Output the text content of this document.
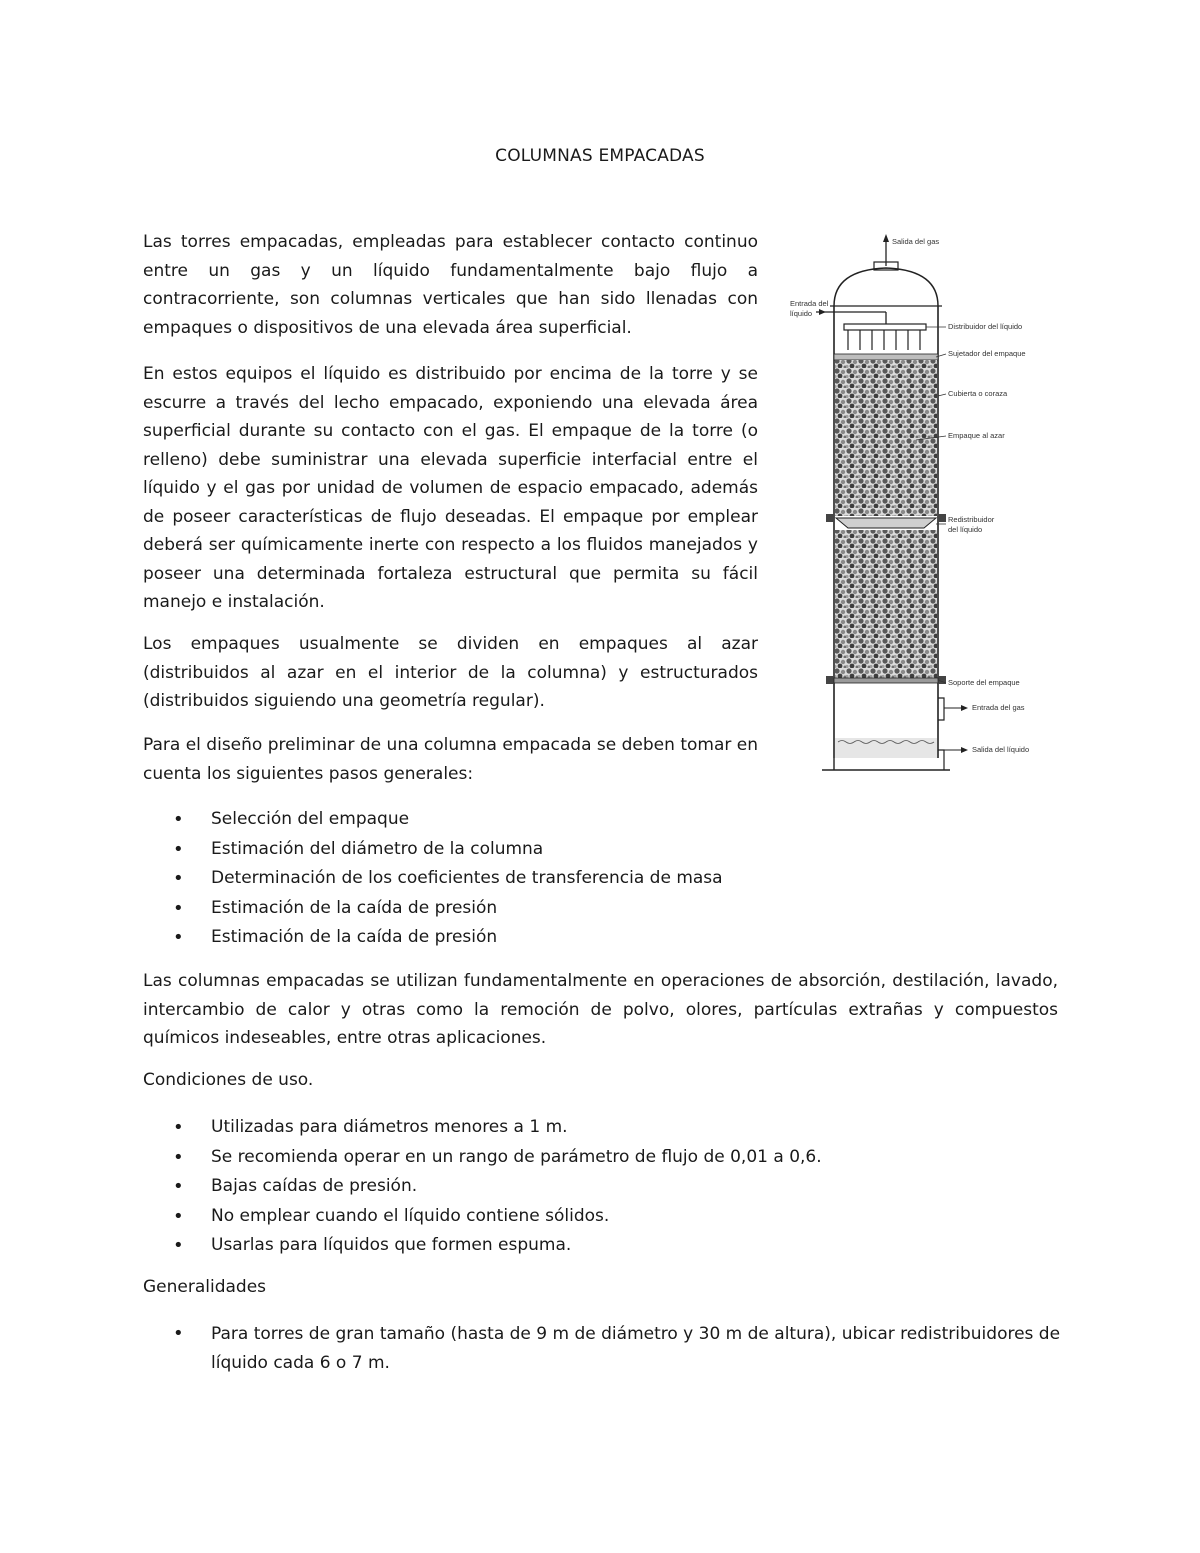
COLUMNAS EMPACADAS

Las torres empacadas, empleadas para establecer contacto continuo entre un gas y un líquido fundamentalmente bajo flujo a contracorriente, son columnas verticales que han sido llenadas con empaques o dispositivos de una elevada área superficial.

En estos equipos el líquido es distribuido por encima de la torre y se escurre a través del lecho empacado, exponiendo una elevada área superficial durante su contacto con el gas. El empaque de la torre (o relleno) debe suministrar una elevada superficie interfacial entre el líquido y el gas por unidad de volumen de espacio empacado, además de poseer características de flujo deseadas. El empaque por emplear deberá ser químicamente inerte con respecto a los fluidos manejados y poseer una determinada fortaleza estructural que permita su fácil manejo e instalación.

Los empaques usualmente se dividen en empaques al azar (distribuidos al azar en el interior de la columna) y estructurados (distribuidos siguiendo una geometría regular).

Para el diseño preliminar de una columna empacada se deben tomar en cuenta los siguientes pasos generales:

• Selección del empaque
• Estimación del diámetro de la columna
• Determinación de los coeficientes de transferencia de masa
• Estimación de la caída de presión
• Estimación de la caída de presión

Las columnas empacadas se utilizan fundamentalmente en operaciones de absorción, destilación, lavado, intercambio de calor y otras como la remoción de polvo, olores, partículas extrañas y compuestos químicos indeseables, entre otras aplicaciones.

Condiciones de uso.

• Utilizadas para diámetros menores a 1 m.
• Se recomienda operar en un rango de parámetro de flujo de 0,01 a 0,6.
• Bajas caídas de presión.
• No emplear cuando el líquido contiene sólidos.
• Usarlas para líquidos que formen espuma.

Generalidades

• Para torres de gran tamaño (hasta de 9 m de diámetro y 30 m de altura), ubicar redistribuidores de líquido cada 6 o 7 m.
Salida del gas
Entrada del
líquido
Distribuidor del líquido
Sujetador del empaque
Cubierta o coraza
Empaque al azar
Redistribuidor
del líquido
Soporte del empaque
Entrada del gas
Salida del líquido
